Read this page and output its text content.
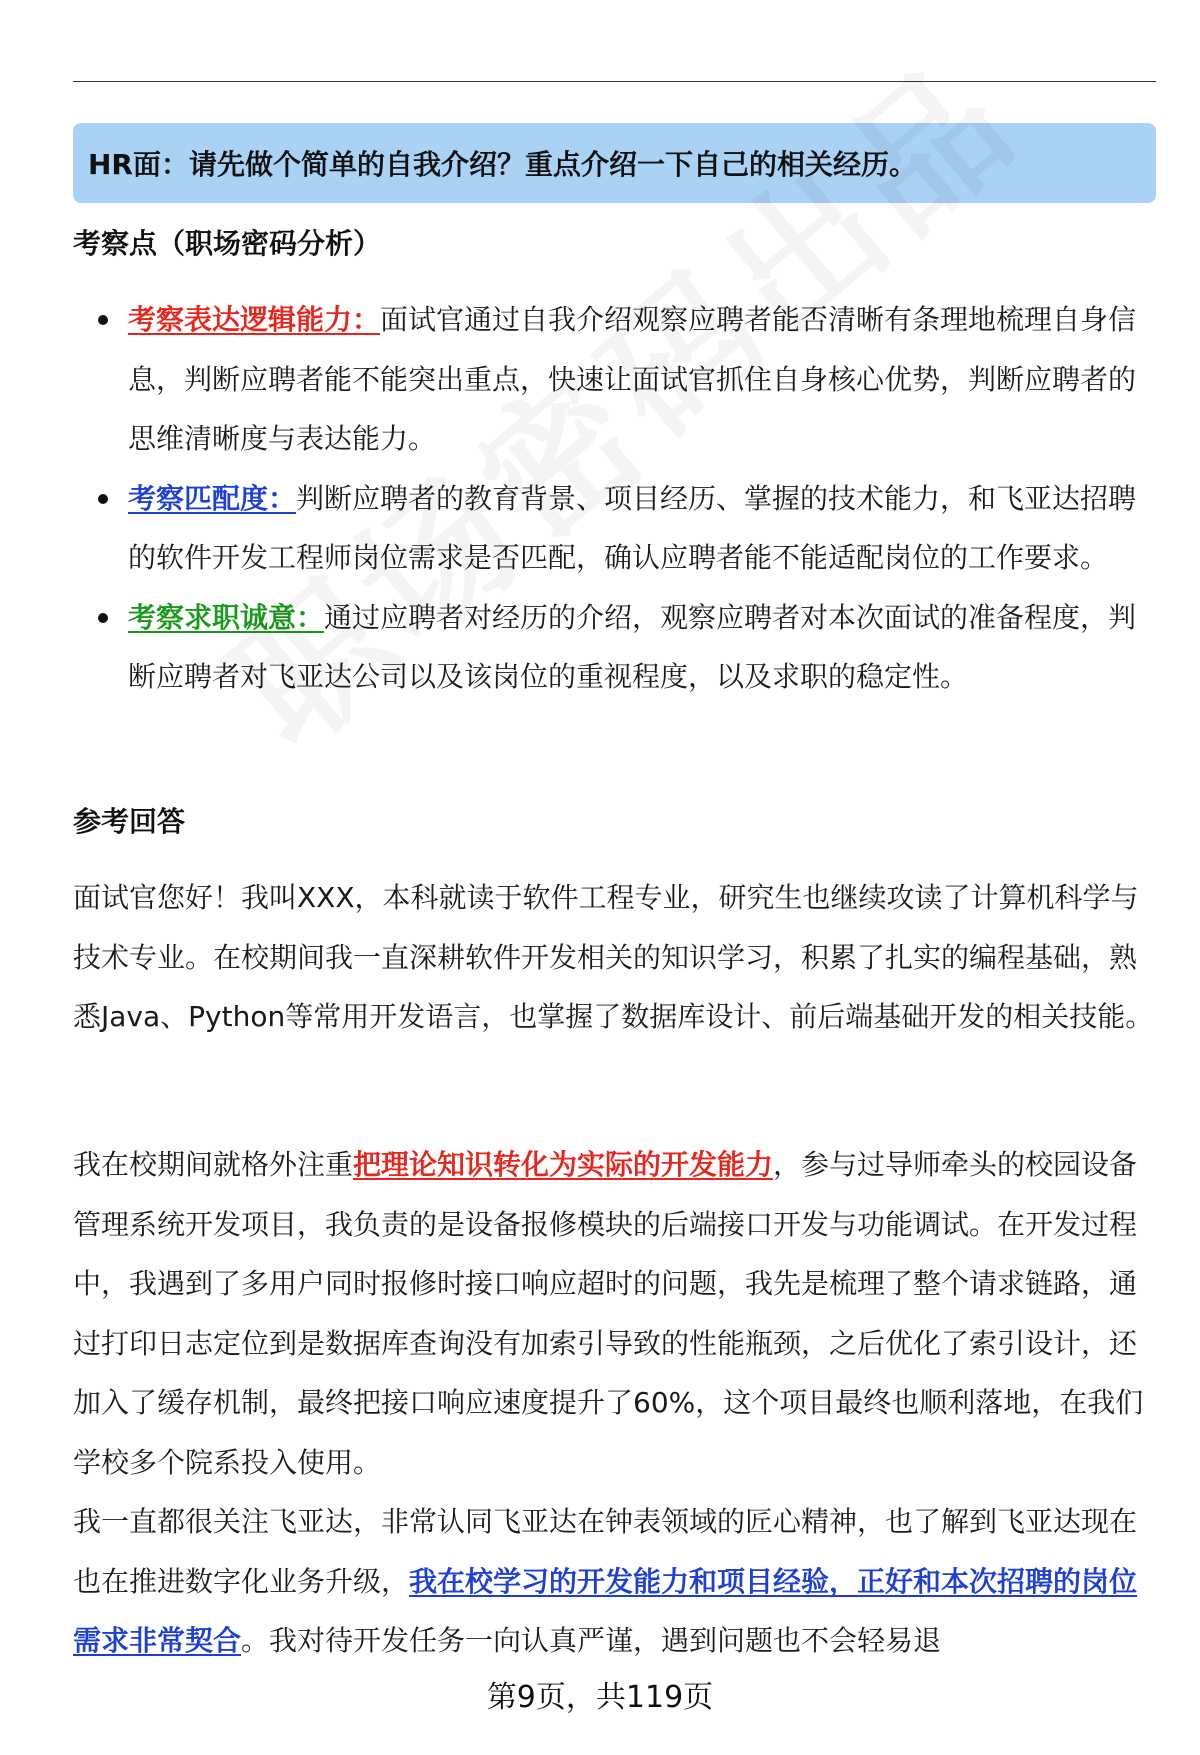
HR面：请先做个简单的自我介绍？重点介绍一下自己的相关经历。
考察点（职场密码分析）
考察表达逻辑能力：面试官通过自我介绍观察应聘者能否清晰有条理地梳理自身信息，判断应聘者能不能突出重点，快速让面试官抓住自身核心优势，判断应聘者的思维清晰度与表达能力。
考察匹配度：判断应聘者的教育背景、项目经历、掌握的技术能力，和飞亚达招聘的软件开发工程师岗位需求是否匹配，确认应聘者能不能适配岗位的工作要求。
考察求职诚意：通过应聘者对经历的介绍，观察应聘者对本次面试的准备程度，判断应聘者对飞亚达公司以及该岗位的重视程度，以及求职的稳定性。
参考回答

面试官您好！我叫XXX，本科就读于软件工程专业，研究生也继续攻读了计算机科学与技术专业。在校期间我一直深耕软件开发相关的知识学习，积累了扎实的编程基础，熟悉Java、Python等常用开发语言，也掌握了数据库设计、前后端基础开发的相关技能。

我在校期间就格外注重把理论知识转化为实际的开发能力，参与过导师牵头的校园设备管理系统开发项目，我负责的是设备报修模块的后端接口开发与功能调试。在开发过程中，我遇到了多用户同时报修时接口响应超时的问题，我先是梳理了整个请求链路，通过打印日志定位到是数据库查询没有加索引导致的性能瓶颈，之后优化了索引设计，还加入了缓存机制，最终把接口响应速度提升了60%，这个项目最终也顺利落地，在我们学校多个院系投入使用。

我一直都很关注飞亚达，非常认同飞亚达在钟表领域的匠心精神，也了解到飞亚达现在也在推进数字化业务升级，我在校学习的开发能力和项目经验，正好和本次招聘的岗位需求非常契合。我对待开发任务一向认真严谨，遇到问题也不会轻易退

第9页，共119页
